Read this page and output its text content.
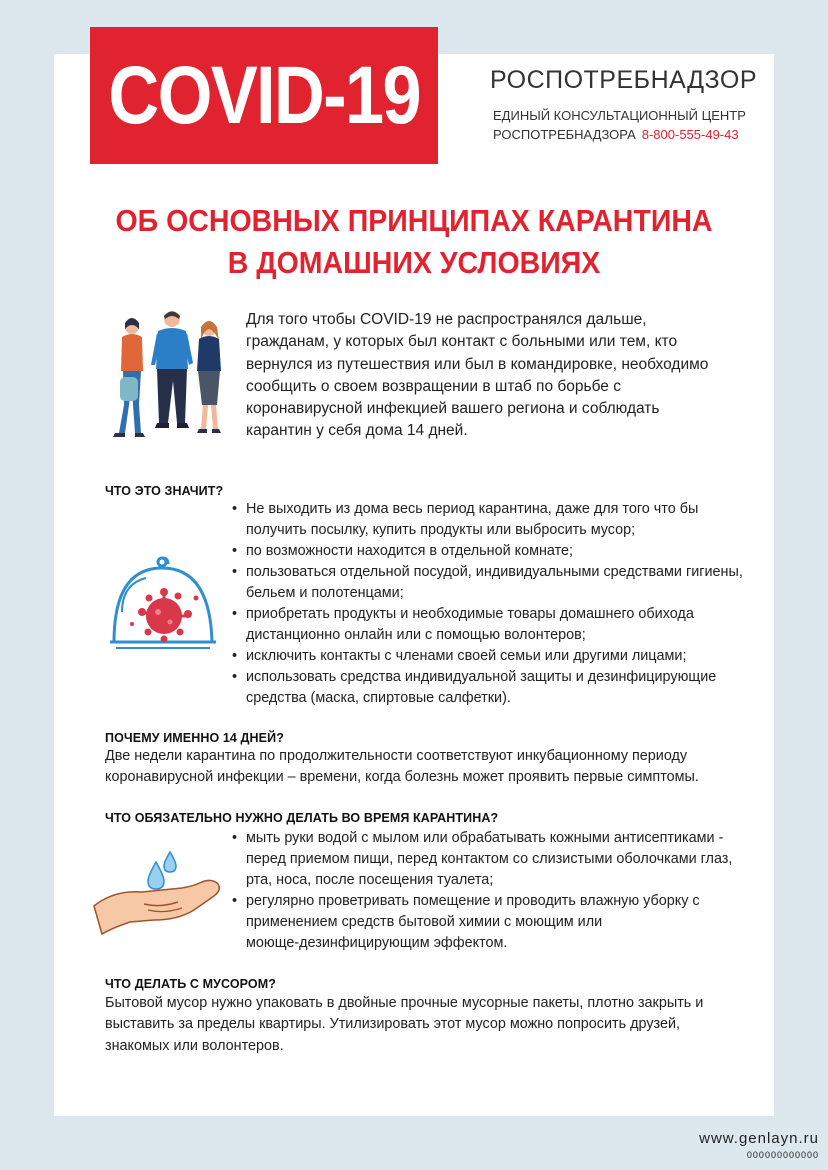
COVID-19	РОСПОТРЕБНАДЗОР
ЕДИНЫЙ КОНСУЛЬТАЦИОННЫЙ ЦЕНТР
РОСПОТРЕБНАДЗОРА 8-800-555-49-43
ОБ ОСНОВНЫХ ПРИНЦИПАХ КАРАНТИНА
В ДОМАШНИХ УСЛОВИЯХ
Для того чтобы COVID-19 не распространялся дальше,
гражданам, у которых был контакт с больными или тем, кто
вернулся из путешествия или был в командировке, необходимо
сообщить о своем возвращении в штаб по борьбе с
коронавирусной инфекцией вашего региона и соблюдать
карантин у себя дома 14 дней.
ЧТО ЭТО ЗНАЧИТ?
• Не выходить из дома весь период карантина, даже для того что бы
получить посылку, купить продукты или выбросить мусор;
• по возможности находится в отдельной комнате;
• пользоваться отдельной посудой, индивидуальными средствами гигиены,
бельем и полотенцами;
• приобретать продукты и необходимые товары домашнего обихода
дистанционно онлайн или с помощью волонтеров;
• исключить контакты с членами своей семьи или другими лицами;
• использовать средства индивидуальной защиты и дезинфицирующие
средства (маска, спиртовые салфетки).
ПОЧЕМУ ИМЕННО 14 ДНЕЙ?
Две недели карантина по продолжительности соответствуют инкубационному периоду
коронавирусной инфекции – времени, когда болезнь может проявить первые симптомы.
ЧТО ОБЯЗАТЕЛЬНО НУЖНО ДЕЛАТЬ ВО ВРЕМЯ КАРАНТИНА?
• мыть руки водой с мылом или обрабатывать кожными антисептиками -
перед приемом пищи, перед контактом со слизистыми оболочками глаз,
рта, носа, после посещения туалета;
• регулярно проветривать помещение и проводить влажную уборку с
применением средств бытовой химии с моющим или
моюще-дезинфицирующим эффектом.
ЧТО ДЕЛАТЬ С МУСОРОМ?
Бытовой мусор нужно упаковать в двойные прочные мусорные пакеты, плотно закрыть и
выставить за пределы квартиры. Утилизировать этот мусор можно попросить друзей,
знакомых или волонтеров.
www.genlayn.ru
000000000000
